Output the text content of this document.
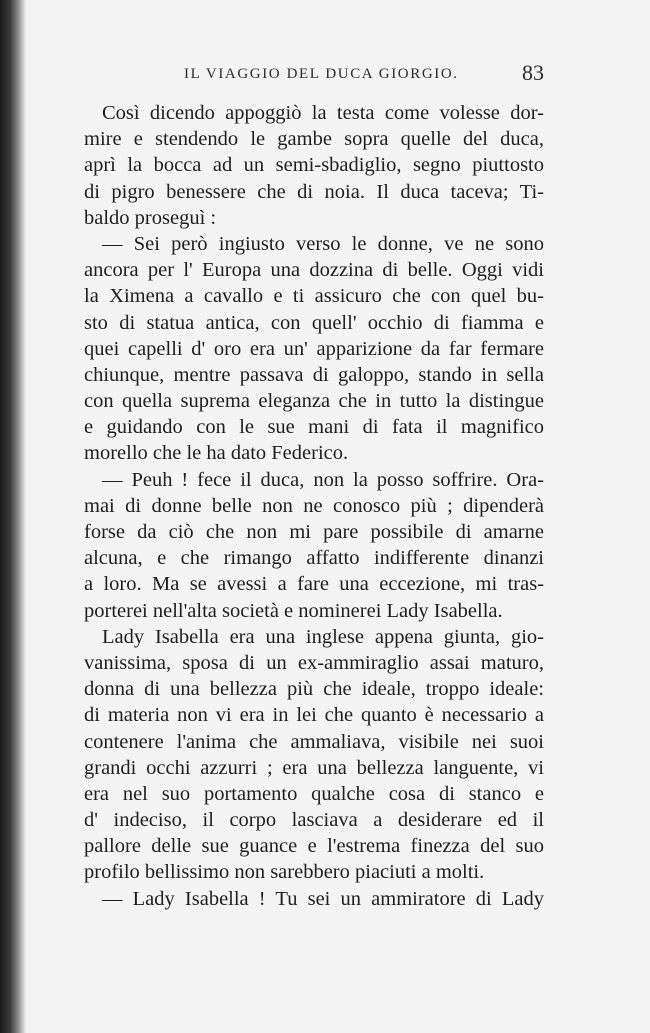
IL VIAGGIO DEL DUCA GIORGIO.	83
Così dicendo appoggiò la testa come volesse dor-
mire e stendendo le gambe sopra quelle del duca,
aprì la bocca ad un semi-sbadiglio, segno piuttosto
di pigro benessere che di noia. Il duca taceva; Ti-
baldo proseguì :
— Sei però ingiusto verso le donne, ve ne sono
ancora per l' Europa una dozzina di belle. Oggi vidi
la Ximena a cavallo e ti assicuro che con quel bu-
sto di statua antica, con quell' occhio di fiamma e
quei capelli d' oro era un' apparizione da far fermare
chiunque, mentre passava di galoppo, stando in sella
con quella suprema eleganza che in tutto la distingue
e guidando con le sue mani di fata il magnifico
morello che le ha dato Federico.
— Peuh ! fece il duca, non la posso soffrire. Ora-
mai di donne belle non ne conosco più ; dipenderà
forse da ciò che non mi pare possibile di amarne
alcuna, e che rimango affatto indifferente dinanzi
a loro. Ma se avessi a fare una eccezione, mi tras-
porterei nell'alta società e nominerei Lady Isabella.
Lady Isabella era una inglese appena giunta, gio-
vanissima, sposa di un ex-ammiraglio assai maturo,
donna di una bellezza più che ideale, troppo ideale:
di materia non vi era in lei che quanto è necessario a
contenere l'anima che ammaliava, visibile nei suoi
grandi occhi azzurri ; era una bellezza languente, vi
era nel suo portamento qualche cosa di stanco e
d' indeciso, il corpo lasciava a desiderare ed il
pallore delle sue guance e l'estrema finezza del suo
profilo bellissimo non sarebbero piaciuti a molti.
— Lady Isabella ! Tu sei un ammiratore di Lady
